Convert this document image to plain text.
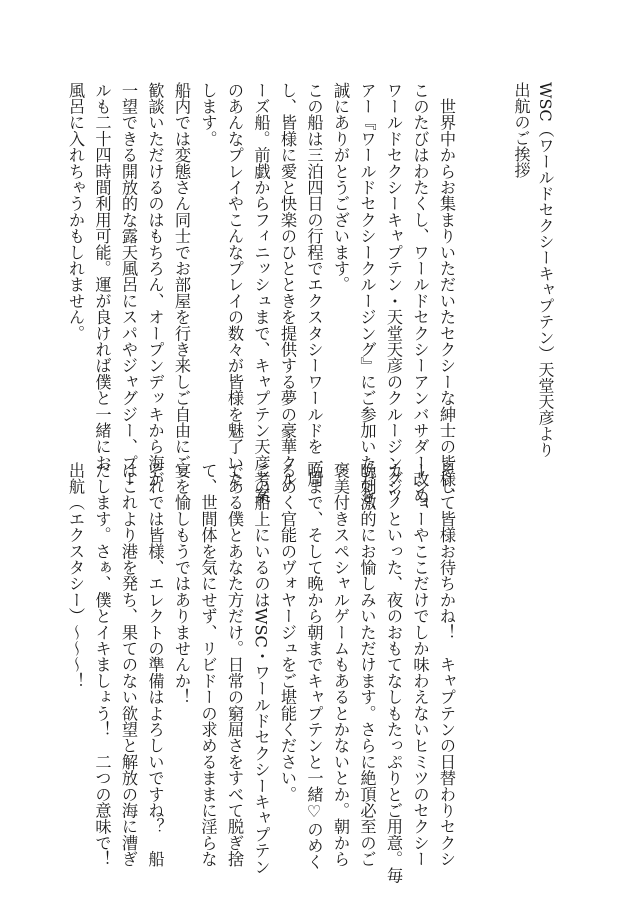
WSC（ワールドセクシーキャプテン）天堂天彦より
出航のご挨拶
　世界中からお集まりいただいたセクシーな紳士の皆様、
このたびはわたくし、ワールドセクシーアンバサダー改め、
ワールドセクシーキャプテン・天堂天彦のクルージングツ
アー『ワールドセクシークルージング』にご参加いただき、
誠にありがとうございます。
この船は三泊四日の行程でエクスタシーワールドを一周
し、皆様に愛と快楽のひとときを提供する夢の豪華クル
ーズ船。前戯からフィニッシュまで、キャプテン天彦考案
のあんなプレイやこんなプレイの数々が皆様を魅了いた
します。
船内では変態さん同士でお部屋を行き来しご自由にご
歓談いただけるのはもちろん、オープンデッキから海が
一望できる開放的な露天風呂にスパやジャグジー、プー
ルも二十四時間利用可能。運が良ければ僕と一緒にお
風呂に入れちゃうかもしれません。
そして皆様お待ちかね！　キャプテンの日替わりセクシ
ーショーやここだけでしか味わえないヒミツのセクシー
カジノといった、夜のおもてなしもたっぷりとご用意。毎
晩刺激的にお愉しみいただけます。さらに絶頂必至のご
褒美付きスペシャルゲームもあるとかないとか。朝から
晩まで、そして晩から朝までキャプテンと一緒♡のめく
るめく官能のヴォヤージュをご堪能ください。
この船上にいるのはWSC・ワールドセクシーキャプテン
である僕とあなた方だけ。日常の窮屈さをすべて脱ぎ捨
て、世間体を気にせず、リビドーの求めるままに淫らな
宴を愉しもうではありませんか！
それでは皆様、エレクトの準備はよろしいですね？　船
はこれより港を発ち、果てのない欲望と解放の海に漕ぎ
だします。さぁ、僕とイキましょう！　二つの意味で！
出航（エクスタシー）〜〜〜！
